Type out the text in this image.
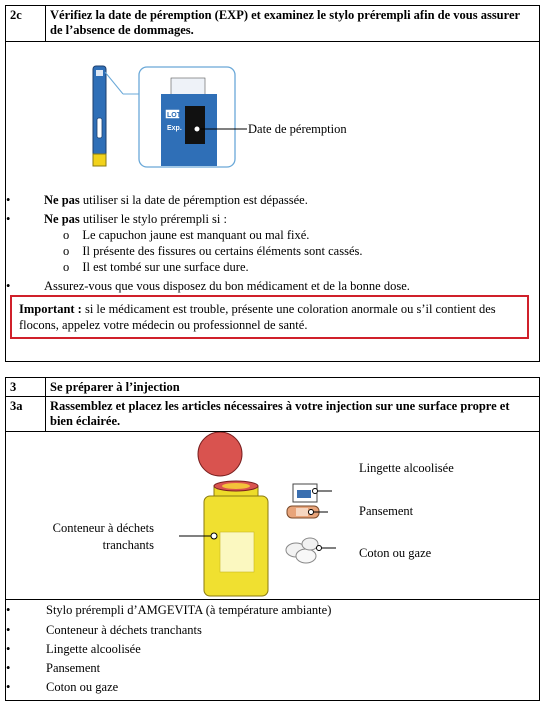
2c	Vérifiez la date de péremption (EXP) et examinez le stylo prérempli afin de vous assurer de l’absence de dommages.
LOT
Exp.	Date de péremption
•	Ne pas utiliser si la date de péremption est dépassée.
•	Ne pas utiliser le stylo prérempli si :
o Le capuchon jaune est manquant ou mal fixé.
o Il présente des fissures ou certains éléments sont cassés.
o Il est tombé sur une surface dure.
•	Assurez-vous que vous disposez du bon médicament et de la bonne dose.
Important : si le médicament est trouble, présente une coloration anormale ou s’il contient des flocons, appelez votre médecin ou professionnel de santé.
3	Se préparer à l’injection
3a	Rassemblez et placez les articles nécessaires à votre injection sur une surface propre et bien éclairée.
Conteneur à déchets
tranchants
Lingette alcoolisée
Pansement
Coton ou gaze
•	Stylo prérempli d’AMGEVITA (à température ambiante)
•	Conteneur à déchets tranchants
•	Lingette alcoolisée
•	Pansement
•	Coton ou gaze
